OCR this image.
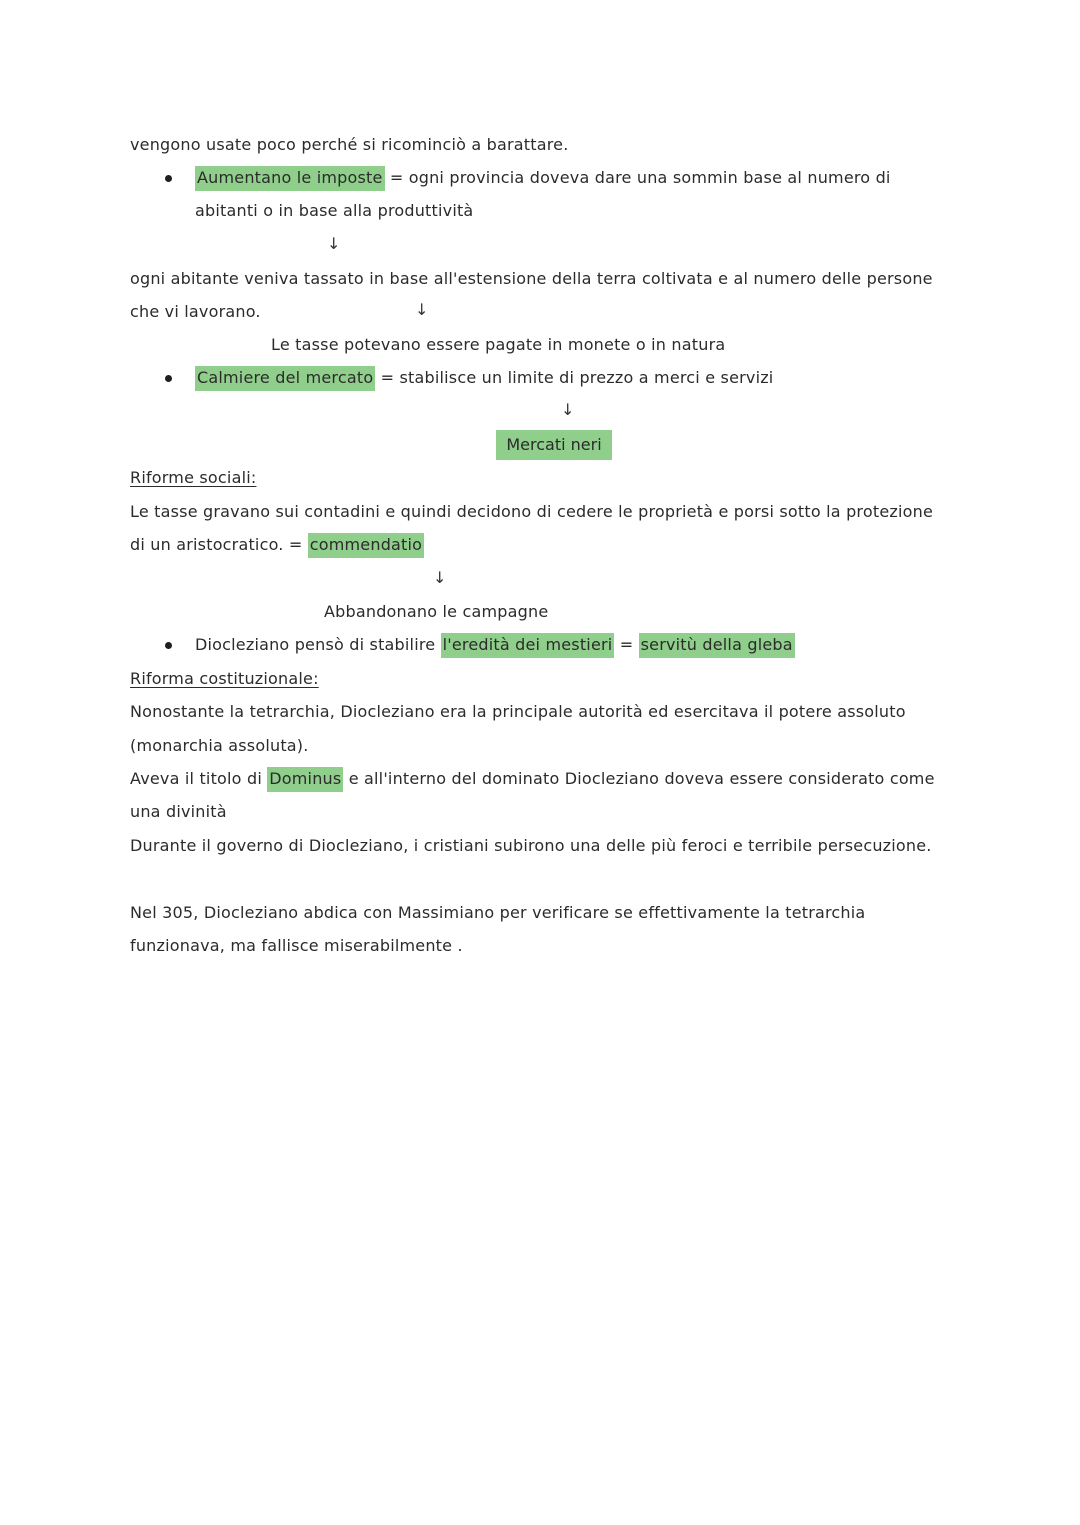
vengono usate poco perché si ricominciò a barattare.
Aumentano le imposte = ogni provincia doveva dare una sommin base al numero di
abitanti o in base alla produttività
↓
ogni abitante veniva tassato in base all'estensione della terra coltivata e al numero delle persone
che vi lavorano.	↓
Le tasse potevano essere pagate in monete o in natura
Calmiere del mercato = stabilisce un limite di prezzo a merci e servizi
↓
Mercati neri
Riforme sociali:
Le tasse gravano sui contadini e quindi decidono di cedere le proprietà e porsi sotto la protezione
di un aristocratico. = commendatio
↓
Abbandonano le campagne
Diocleziano pensò di stabilire l'eredità dei mestieri = servitù della gleba
Riforma costituzionale:
Nonostante la tetrarchia, Diocleziano era la principale autorità ed esercitava il potere assoluto
(monarchia assoluta).
Aveva il titolo di Dominus e all'interno del dominato Diocleziano doveva essere considerato come
una divinità
Durante il governo di Diocleziano, i cristiani subirono una delle più feroci e terribile persecuzione.
Nel 305, Diocleziano abdica con Massimiano per verificare se effettivamente la tetrarchia
funzionava, ma fallisce miserabilmente .
